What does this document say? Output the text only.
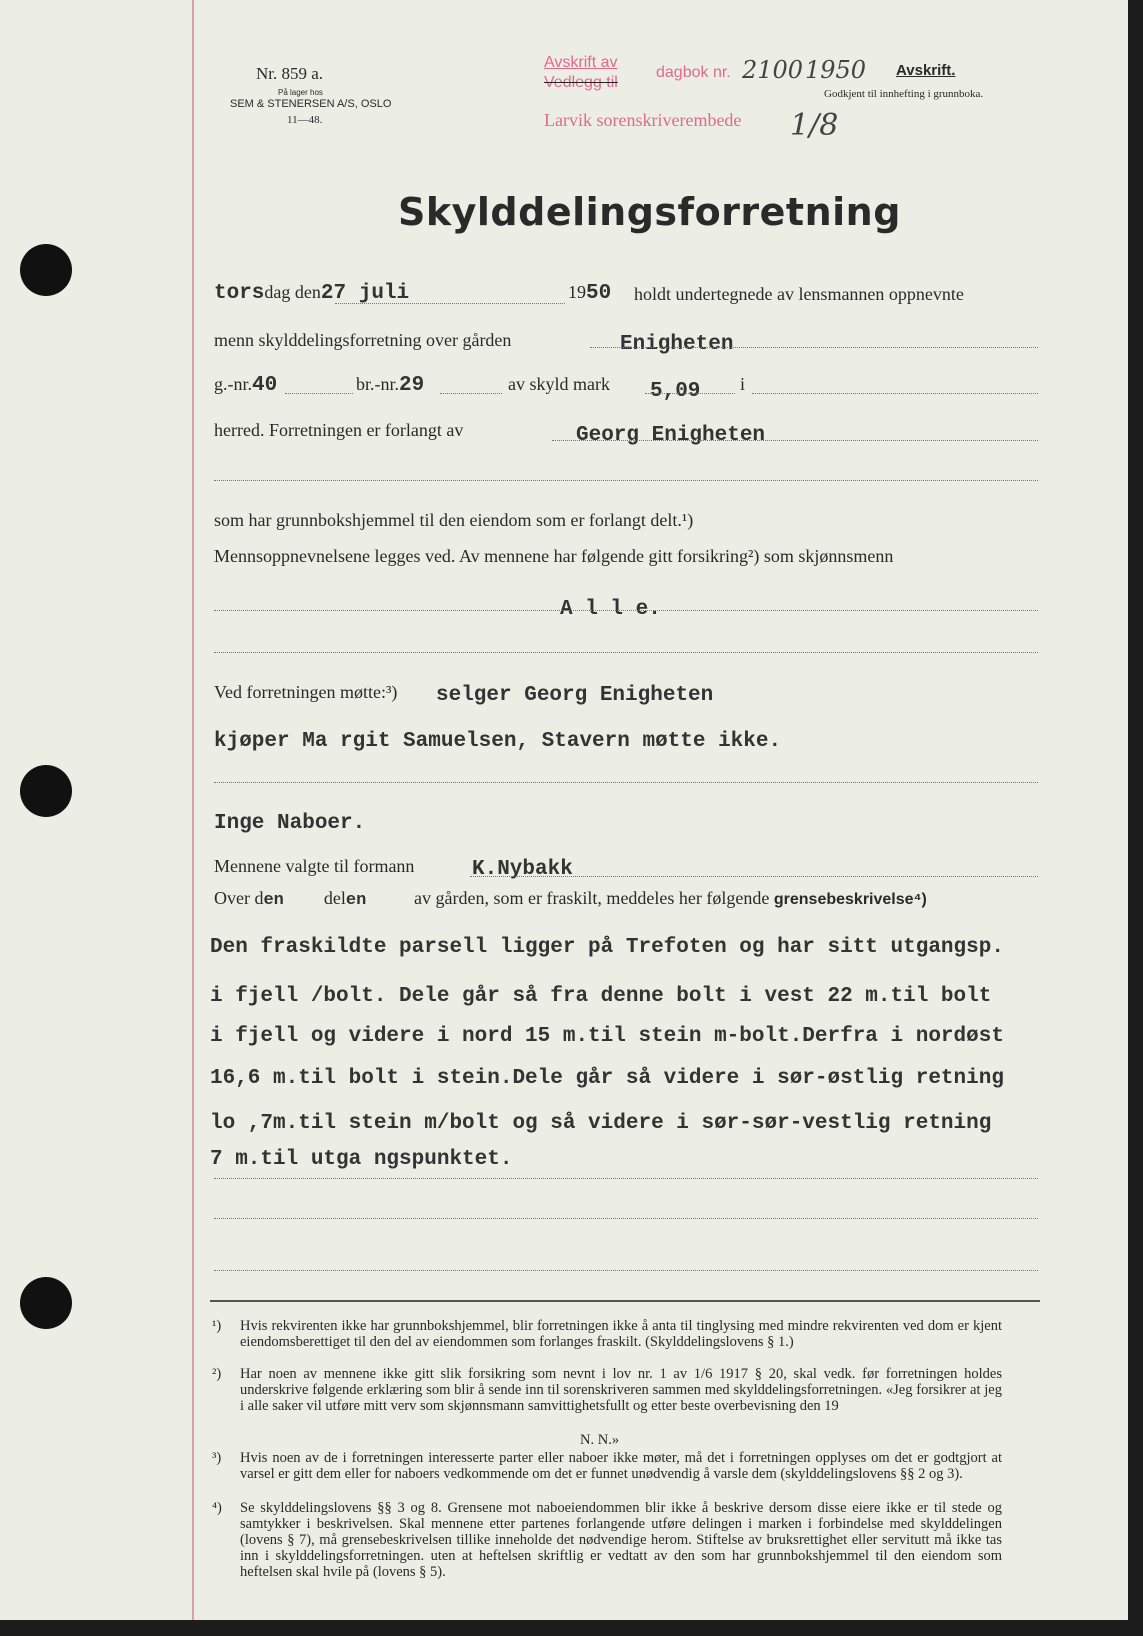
Nr. 859 a.
På lager hos
SEM & STENERSEN A/S, OSLO
11—48.
Avskrift av
Vedlegg til
dagbok nr. 2100 1950
Larvik sorenskriverembede 1/8
Avskrift.
Godkjent til innhefting i grunnboka.
Skylddelingsforretning
torsdag den27 juli	1950 holdt undertegnede av lensmannen oppnevnte
menn skylddelingsforretning over gården	Enigheten
g.-nr.40	br.-nr.29	av skyld mark 5,09 i
herred. Forretningen er forlangt av	Georg Enigheten
som har grunnbokshjemmel til den eiendom som er forlangt delt.¹)
Mennsoppnevnelsene legges ved. Av mennene har følgende gitt forsikring²) som skjønnsmenn
A l l e.
Ved forretningen møtte:³) selger Georg Enigheten
kjøper Ma rgit Samuelsen, Stavern møtte ikke.
Inge Naboer.
Mennene valgte til formann	K.Nybakk
Over den delen	av gården, som er fraskilt, meddeles her følgende grensebeskrivelse⁴)
Den fraskildte parsell ligger på Trefoten og har sitt utgangsp.
i fjell /bolt. Dele går så fra denne bolt i vest 22 m.til bolt
i fjell og videre i nord 15 m.til stein m-bolt.Derfra i nordøst
16,6 m.til bolt i stein.Dele går så videre i sør-østlig retning
lo ,7m.til stein m/bolt og så videre i sør-sør-vestlig retning
7 m.til utga ngspunktet.
¹) Hvis rekvirenten ikke har grunnbokshjemmel, blir forretningen ikke å anta til tinglysing med mindre rekvirenten ved dom er kjent eiendomsberettiget til den del av eiendommen som forlanges fraskilt. (Skylddelingslovens § 1.)
²) Har noen av mennene ikke gitt slik forsikring som nevnt i lov nr. 1 av 1/6 1917 § 20, skal vedk. før forretningen holdes underskrive følgende erklæring som blir å sende inn til sorenskriveren sammen med skylddelingsforretningen. «Jeg forsikrer at jeg i alle saker vil utføre mitt verv som skjønnsmann samvittighetsfullt og etter beste overbevisning den 19
N. N.»
³) Hvis noen av de i forretningen interesserte parter eller naboer ikke møter, må det i forretningen opplyses om det er godtgjort at varsel er gitt dem eller for naboers vedkommende om det er funnet unødvendig å varsle dem (skylddelingslovens §§ 2 og 3).
⁴) Se skylddelingslovens §§ 3 og 8. Grensene mot naboeiendommen blir ikke å beskrive dersom disse eiere ikke er til stede og samtykker i beskrivelsen. Skal mennene etter partenes forlangende utføre delingen i marken i forbindelse med skylddelingen (lovens § 7), må grensebeskrivelsen tillike inneholde det nødvendige herom. Stiftelse av bruksrettighet eller servitutt må ikke tas inn i skylddelingsforretningen. uten at heftelsen skriftlig er vedtatt av den som har grunnbokshjemmel til den eiendom som heftelsen skal hvile på (lovens § 5).
